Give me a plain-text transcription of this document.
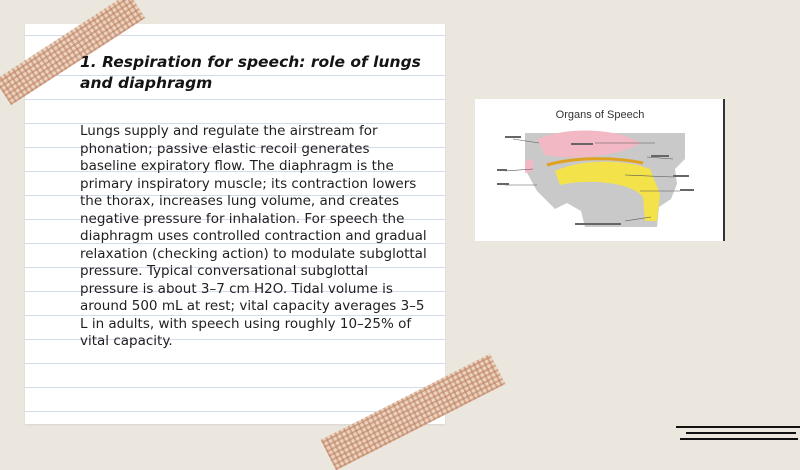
1. Respiration for speech: role of lungs and diaphragm

Lungs supply and regulate the airstream for phonation; passive elastic recoil generates baseline expiratory flow. The diaphragm is the primary inspiratory muscle; its contraction lowers the thorax, increases lung volume, and creates negative pressure for inhalation. For speech the diaphragm uses controlled contraction and gradual relaxation (checking action) to modulate subglottal pressure. Typical conversational subglottal pressure is about 3–7 cm H2O. Tidal volume is around 500 mL at rest; vital capacity averages 3–5 L in adults, with speech using roughly 10–25% of vital capacity.

Organs of Speech
